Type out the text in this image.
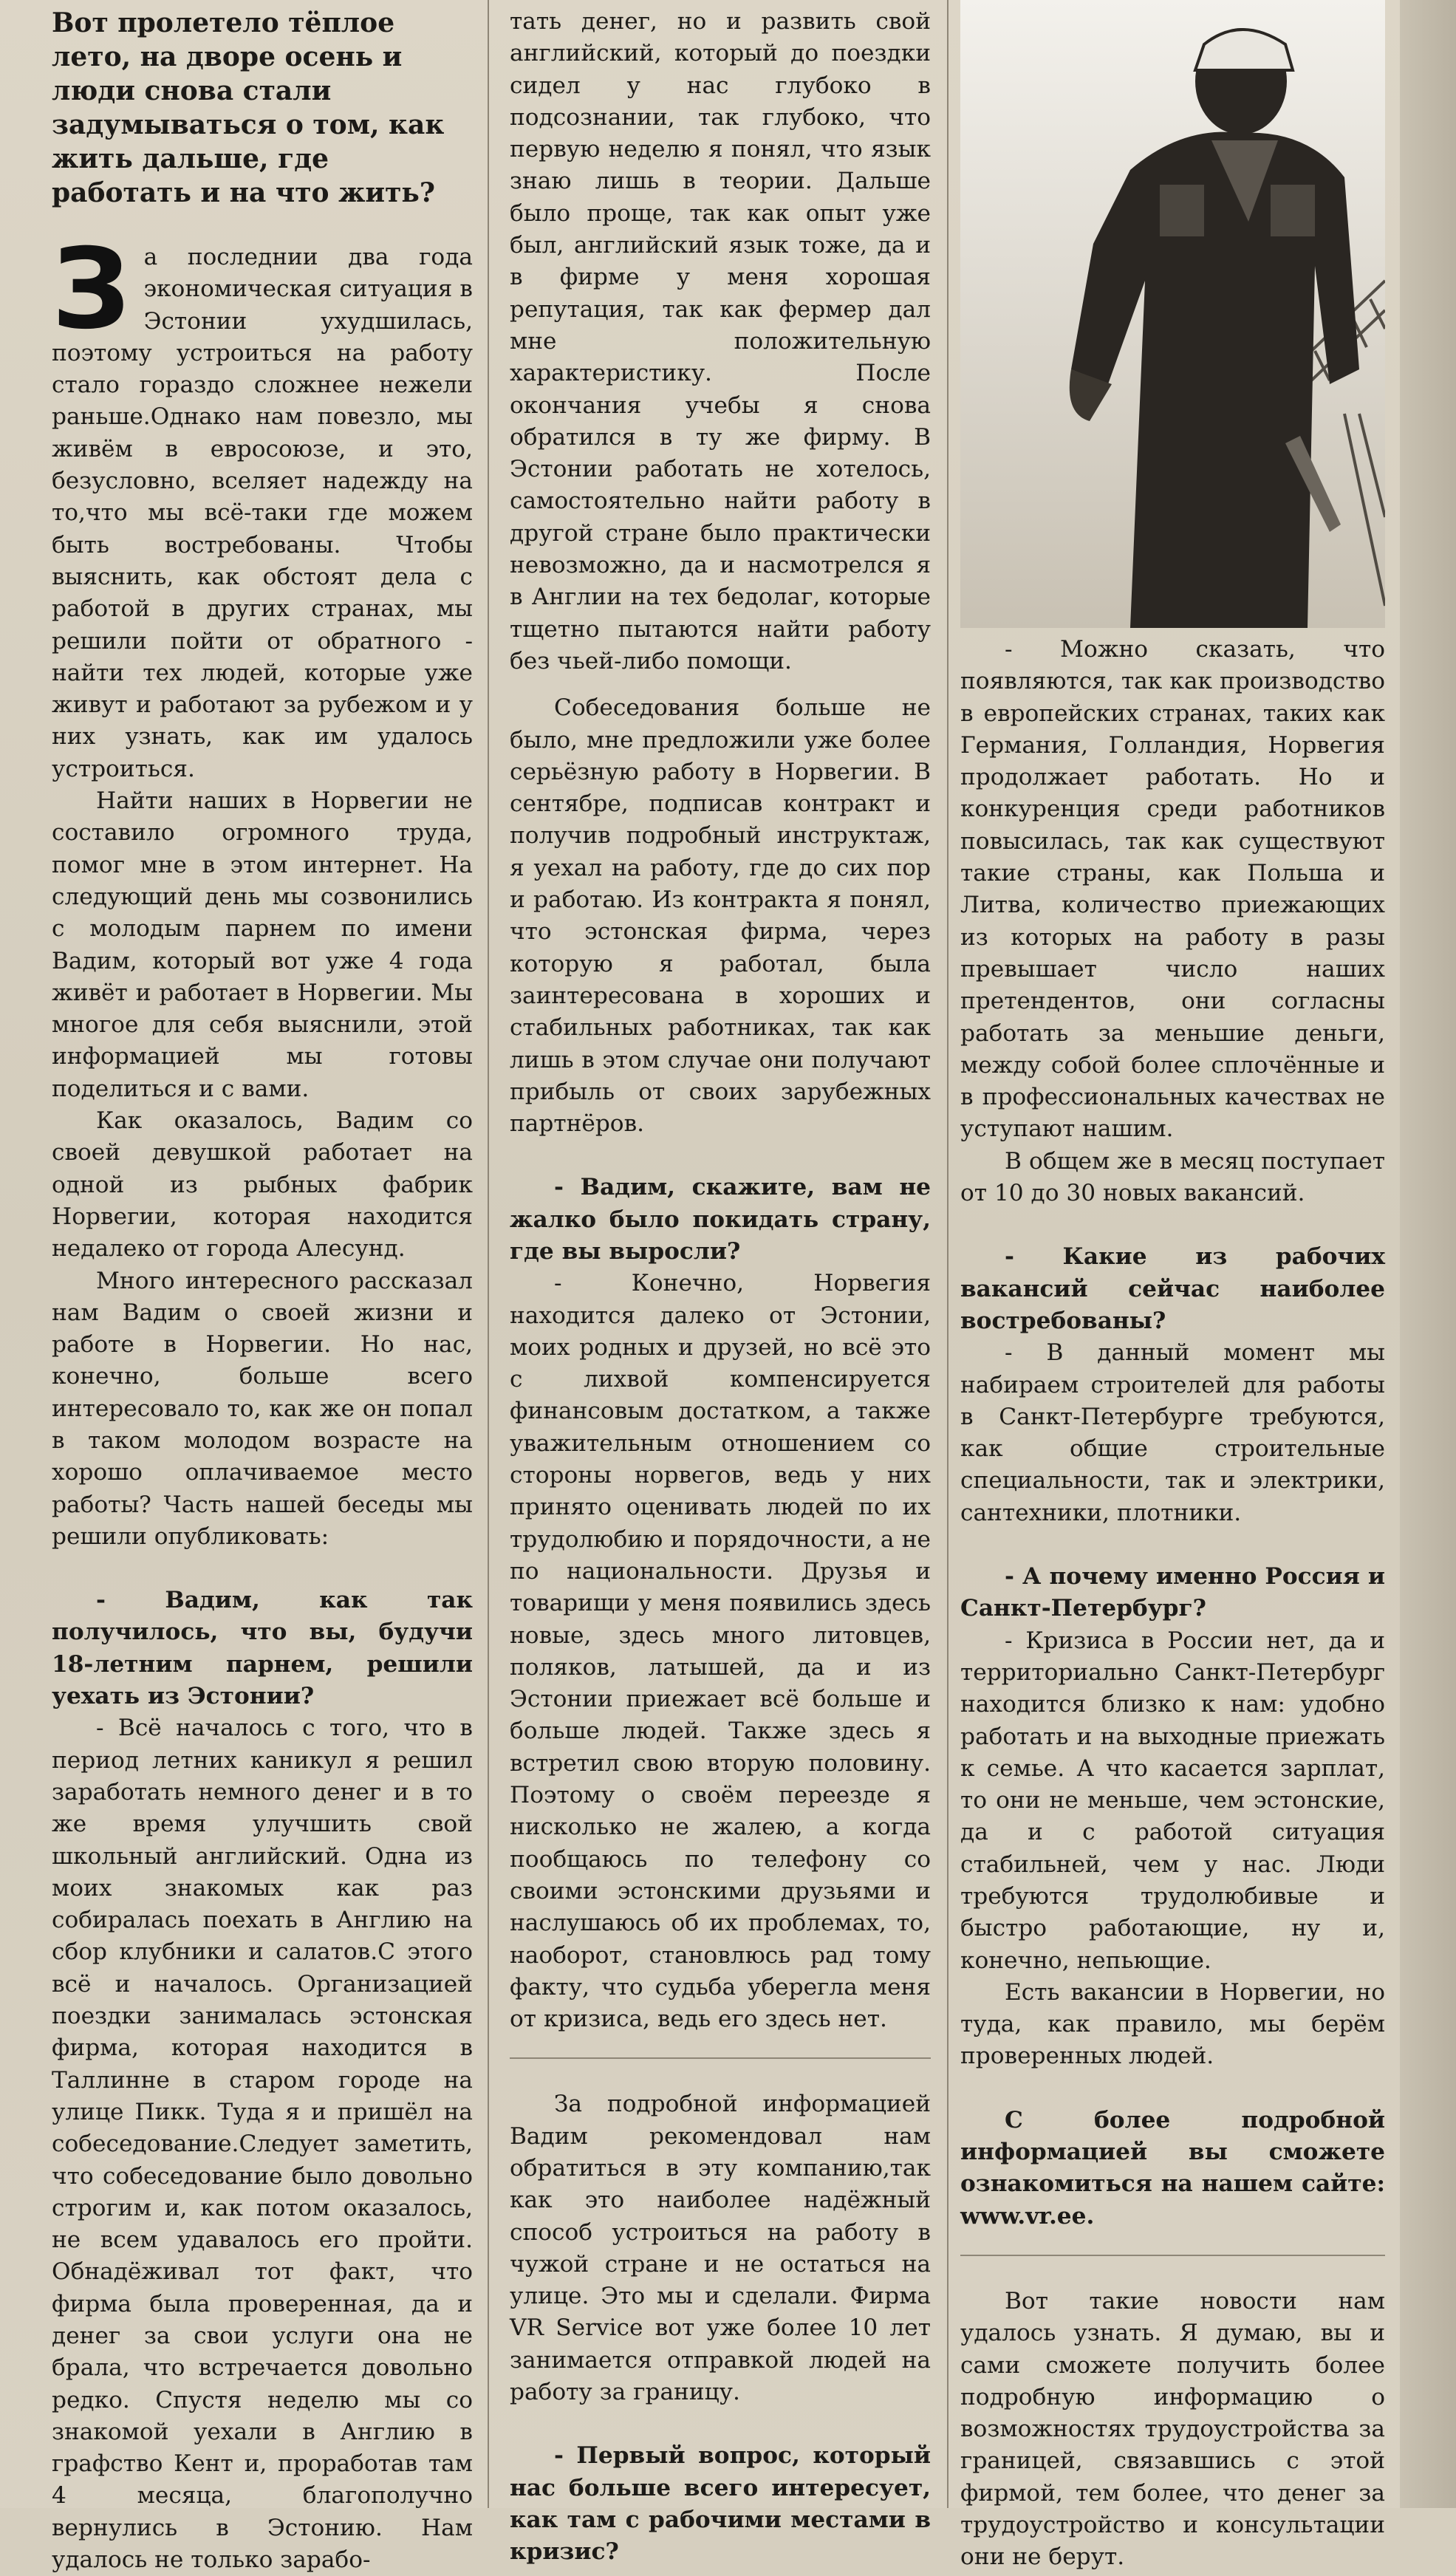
Вот пролетело тёплое лето, на дворе осень и люди снова стали задумываться о том, как жить дальше, где работать и на что жить?

З а последнии два года экономическая ситуация в Эстонии ухудшилась, поэтому устроиться на работу стало гораздо сложнее нежели раньше.Однако нам повезло, мы живём в евросоюзе, и это, безусловно, вселяет надежду на то,что мы всё-таки где можем быть востребованы. Чтобы выяснить, как обстоят дела с работой в других странах, мы решили пойти от обратного - найти тех людей, которые уже живут и работают за рубежом и у них узнать, как им удалось устроиться.

Найти наших в Норвегии не составило огромного труда, помог мне в этом интернет. На следующий день мы созвонились с молодым парнем по имени Вадим, который вот уже 4 года живёт и работает в Норвегии. Мы многое для себя выяснили, этой информацией мы готовы поделиться и с вами.

Как оказалось, Вадим со своей девушкой работает на одной из рыбных фабрик Норвегии, которая находится недалеко от города Алесунд.

Много интересного рассказал нам Вадим о своей жизни и работе в Норвегии. Но нас, конечно, больше всего интересовало то, как же он попал в таком молодом возрасте на хорошо оплачиваемое место работы? Часть нашей беседы мы решили опубликовать:

- Вадим, как так получилось, что вы, будучи 18-летним парнем, решили уехать из Эстонии?

- Всё началось с того, что в период летних каникул я решил заработать немного денег и в то же время улучшить свой школьный английский. Одна из моих знакомых как раз собиралась поехать в Англию на сбор клубники и салатов.С этого всё и началось. Организацией поездки занималась эстонская фирма, которая находится в Таллинне в старом городе на улице Пикк. Туда я и пришёл на собеседование.Следует заметить, что собеседование было довольно строгим и, как потом оказалось, не всем удавалось его пройти. Обнадёживал тот факт, что фирма была проверенная, да и денег за свои услуги она не брала, что встречается довольно редко. Спустя неделю мы со знакомой уехали в Англию в графство Кент и, проработав там 4 месяца, благополучно вернулись в Эстонию. Нам удалось не только зарабо-

тать денег, но и развить свой английский, который до поездки сидел у нас глубоко в подсознании, так глубоко, что первую неделю я понял, что язык знаю лишь в теории. Дальше было проще, так как опыт уже был, английский язык тоже, да и в фирме у меня хорошая репутация, так как фермер дал мне положительную характеристику. После окончания учебы я снова обратился в ту же фирму. В Эстонии работать не хотелось, самостоятельно найти работу в другой стране было практически невозможно, да и насмотрелся я в Англии на тех бедолаг, которые тщетно пытаются найти работу без чьей-либо помощи.

Собеседования больше не было, мне предложили уже более серьёзную работу в Норвегии. В сентябре, подписав контракт и получив подробный инструктаж, я уехал на работу, где до сих пор и работаю. Из контракта я понял, что эстонская фирма, через которую я работал, была заинтересована в хороших и стабильных работниках, так как лишь в этом случае они получают прибыль от своих зарубежных партнёров.

- Вадим, скажите, вам не жалко было покидать страну, где вы выросли?

- Конечно, Норвегия находится далеко от Эстонии, моих родных и друзей, но всё это с лихвой компенсируется финансовым достатком, а также уважительным отношением со стороны норвегов, ведь у них принято оценивать людей по их трудолюбию и порядочности, а не по национальности. Друзья и товарищи у меня появились здесь новые, здесь много литовцев, поляков, латышей, да и из Эстонии приежает всё больше и больше людей. Также здесь я встретил свою вторую половину. Поэтому о своём переезде я нисколько не жалею, а когда пообщаюсь по телефону со своими эстонскими друзьями и наслушаюсь об их проблемах, то, наоборот, становлюсь рад тому факту, что судьба уберегла меня от кризиса, ведь его здесь нет.

За подробной информацией Вадим рекомендовал нам обратиться в эту компанию,так как это наиболее надёжный способ устроиться на работу в чужой стране и не остаться на улице. Это мы и сделали. Фирма VR Service вот уже более 10 лет занимается отправкой людей на работу за границу.

- Первый вопрос, который нас больше всего интересует, как там с рабочими местами в кризис?

- Можно сказать, что появляются, так как производство в европейских странах, таких как Германия, Голландия, Норвегия продолжает работать. Но и конкуренция среди работников повысилась, так как существуют такие страны, как Польша и Литва, количество приежающих из которых на работу в разы превышает число наших претендентов, они согласны работать за меньшие деньги, между собой более сплочённые и в профессиональных качествах не уступают нашим.

В общем же в месяц поступает от 10 до 30 новых вакансий.

- Какие из рабочих вакансий сейчас наиболее востребованы?

- В данный момент мы набираем строителей для работы в Санкт-Петербурге требуются, как общие строительные специальности, так и электрики, сантехники, плотники.

- А почему именно Россия и Санкт-Петербург?

- Кризиса в России нет, да и территориально Санкт-Петербург находится близко к нам: удобно работать и на выходные приежать к семье. А что касается зарплат, то они не меньше, чем эстонские, да и с работой ситуация стабильней, чем у нас. Люди требуются трудолюбивые и быстро работающие, ну и, конечно, непьющие.

Есть вакансии в Норвегии, но туда, как правило, мы берём проверенных людей.

С более подробной информацией вы сможете ознакомиться на нашем сайте: www.vr.ee.

Вот такие новости нам удалось узнать. Я думаю, вы и сами сможете получить более подробную информацию о возможностях трудоустройства за границей, связавшись с этой фирмой, тем более, что денег за трудоустройство и консультации они не берут.
